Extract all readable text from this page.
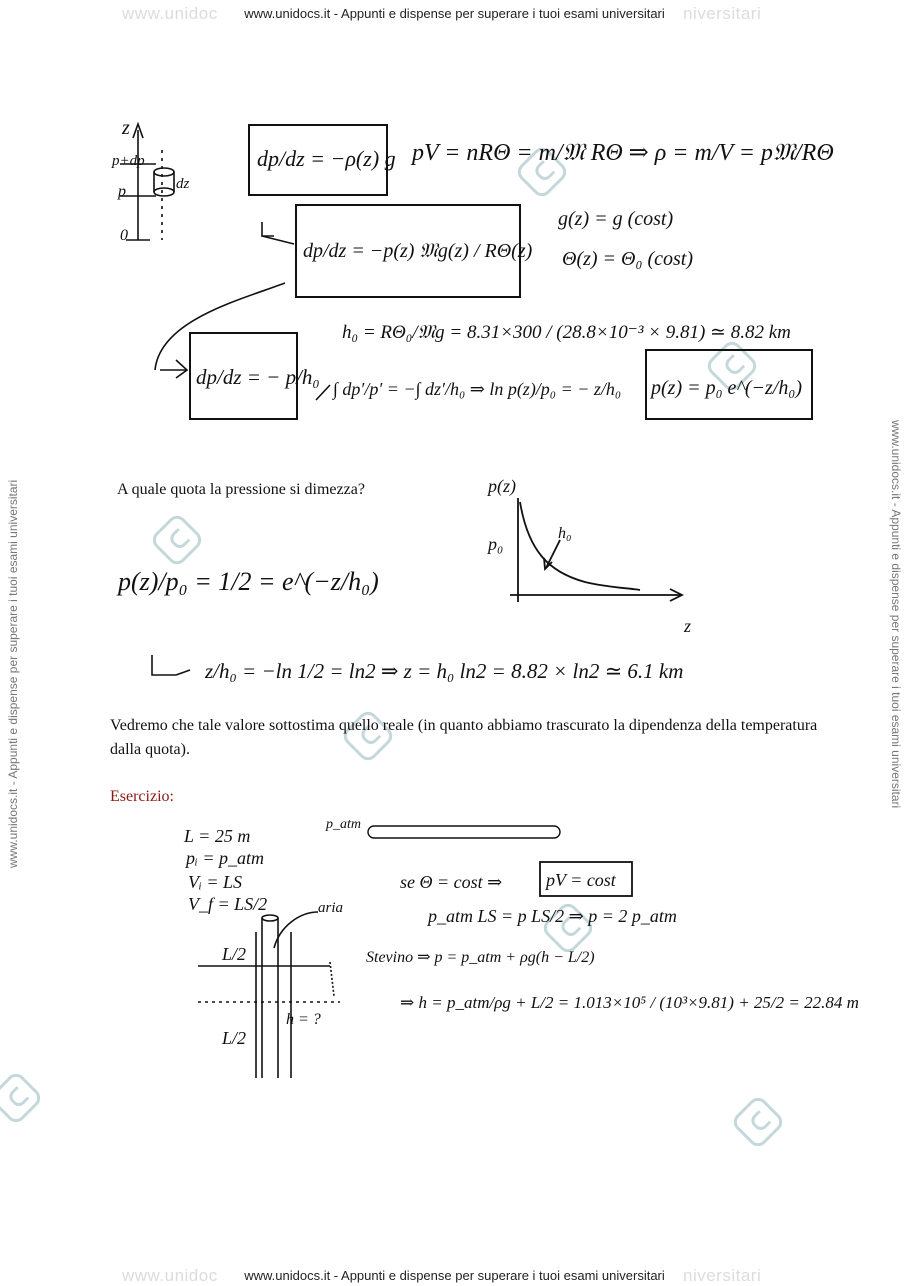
www.unidocs.it - Appunti e dispense per superare i tuoi esami universitari
www.unidocs.it - Appunti e dispense per superare i tuoi esami universitari
www.unidoc	niversitari
www.unidoc	niversitari
www.unidocs.it - Appunti e dispense per superare i tuoi esami universitari	www.unidocs.it - Appunti e dispense per superare i tuoi esami universitari
z
p+dp
p
0
dz
dp/dz = −ρ(z) g pV = nRΘ = m/𝔐 RΘ ⇒ ρ = m/V = p𝔐/RΘ
dp/dz = −p(z) 𝔐g(z) / RΘ(z)
g(z) = g (cost)
Θ(z) = Θ₀ (cost)
h₀ = RΘ₀/𝔐g = 8.31×300 / (28.8×10⁻³ × 9.81) ≃ 8.82 km
dp/dz = − p/h₀ ∫ dp′/p′ = −∫ dz′/h₀ ⇒ ln p(z)/p₀ = − z/h₀ p(z) = p₀ e^(−z/h₀)
A quale quota la pressione si dimezza?
p(z)/p₀ = 1/2 = e^(−z/h₀)
p(z)
p₀
h₀
z
z/h₀ = −ln 1/2 = ln2 ⇒ z = h₀ ln2 = 8.82 × ln2 ≃ 6.1 km
Vedremo che tale valore sottostima quello reale (in quanto abbiamo trascurato la dipendenza della temperatura dalla quota).
Esercizio:
L = 25 m
pᵢ = p_atm
Vᵢ = LS
V_f = LS/2
p_atm
aria
L/2
L/2
h = ?
se Θ = cost ⇒ pV = cost
p_atm LS = p LS/2 ⇒ p = 2 p_atm
Stevino ⇒ p = p_atm + ρg(h − L/2)
⇒ h = p_atm/ρg + L/2 = 1.013×10⁵ / (10³×9.81) + 25/2 = 22.84 m
